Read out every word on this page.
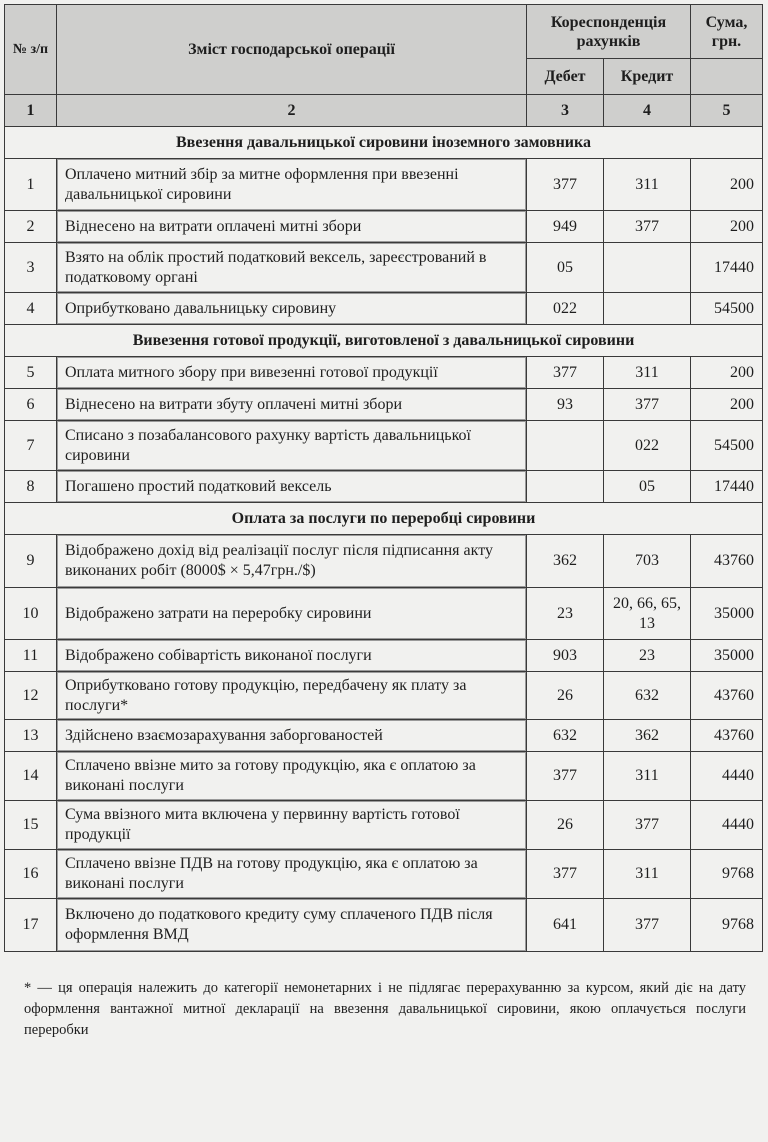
№ з/п	Зміст господарської операції	Кореспонденція рахунків		Сума, грн.
		Дебет	Кредит	
1	2	3	4	5
Ввезення давальницької сировини іноземного замовника				
1	Оплачено митний збір за митне оформлення при ввезенні давальницької сировини	377	311	200
2	Віднесено на витрати оплачені митні збори	949	377	200
3	Взято на облік простий податковий вексель, зареєстрований в податковому органі	05		17440
4	Оприбутковано давальницьку сировину	022		54500
Вивезення готової продукції, виготовленої з давальницької сировини				
5	Оплата митного збору при вивезенні готової продукції	377	311	200
6	Віднесено на витрати збуту оплачені митні збори	93	377	200
7	Списано з позабалансового рахунку вартість давальницької сировини		022	54500
8	Погашено простий податковий вексель		05	17440
Оплата за послуги по переробці сировини				
9	Відображено дохід від реалізації послуг після підписання акту виконаних робіт (8000$ × 5,47грн./$)	362	703	43760
10	Відображено затрати на переробку сировини	23	20, 66, 65, 13	35000
11	Відображено собівартість виконаної послуги	903	23	35000
12	Оприбутковано готову продукцію, передбачену як плату за послуги*	26	632	43760
13	Здійснено взаємозарахування заборгованостей	632	362	43760
14	Сплачено ввізне мито за готову продукцію, яка є оплатою за виконані послуги	377	311	4440
15	Сума ввізного мита включена у первинну вартість готової продукції	26	377	4440
16	Сплачено ввізне ПДВ на готову продукцію, яка є оплатою за виконані послуги	377	311	9768
17	Включено до податкового кредиту суму сплаченого ПДВ після оформлення ВМД	641	377	9768
* — ця операція належить до категорії немонетарних і не підлягає перерахуванню за курсом, який діє на дату оформлення вантажної митної декларації на ввезення давальницької сировини, якою оплачується послуги переробки
